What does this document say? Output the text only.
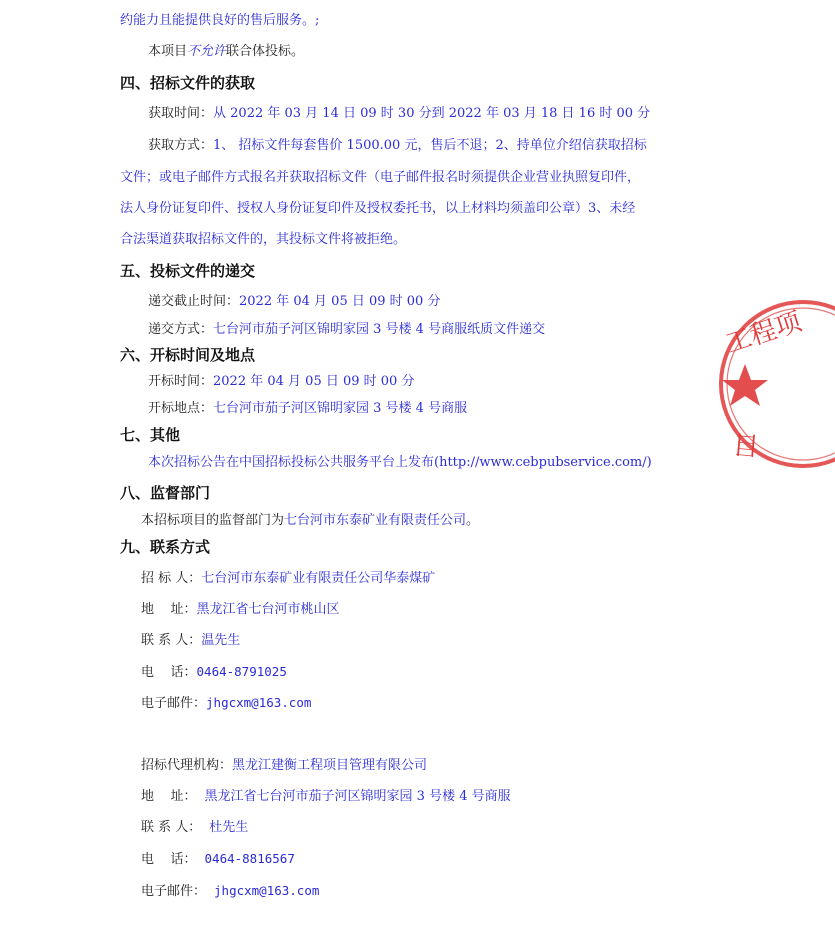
约能力且能提供良好的售后服务。;
本项目不允许联合体投标。
四、招标文件的获取
获取时间：从 2022 年 03 月 14 日 09 时 30 分到 2022 年 03 月 18 日 16 时 00 分
获取方式：1、 招标文件每套售价 1500.00 元，售后不退；2、持单位介绍信获取招标
文件；或电子邮件方式报名并获取招标文件（电子邮件报名时须提供企业营业执照复印件，
法人身份证复印件、授权人身份证复印件及授权委托书，以上材料均须盖印公章）3、未经
合法渠道获取招标文件的，其投标文件将被拒绝。
五、投标文件的递交
递交截止时间：2022 年 04 月 05 日 09 时 00 分
递交方式：七台河市茄子河区锦明家园 3 号楼 4 号商服纸质文件递交
六、开标时间及地点
开标时间：2022 年 04 月 05 日 09 时 00 分
开标地点：七台河市茄子河区锦明家园 3 号楼 4 号商服
七、其他
本次招标公告在中国招标投标公共服务平台上发布(http://www.cebpubservice.com/)
八、监督部门
本招标项目的监督部门为七台河市东泰矿业有限责任公司。
九、联系方式
招 标 人：七台河市东泰矿业有限责任公司华泰煤矿
地    址：黑龙江省七台河市桃山区
联 系 人：温先生
电    话：0464-8791025
电子邮件：jhgcxm@163.com
招标代理机构：黑龙江建衡工程项目管理有限公司
地    址： 黑龙江省七台河市茄子河区锦明家园 3 号楼 4 号商服
联 系 人： 杜先生
电    话： 0464-8816567
电子邮件： jhgcxm@163.com
工程项
目
